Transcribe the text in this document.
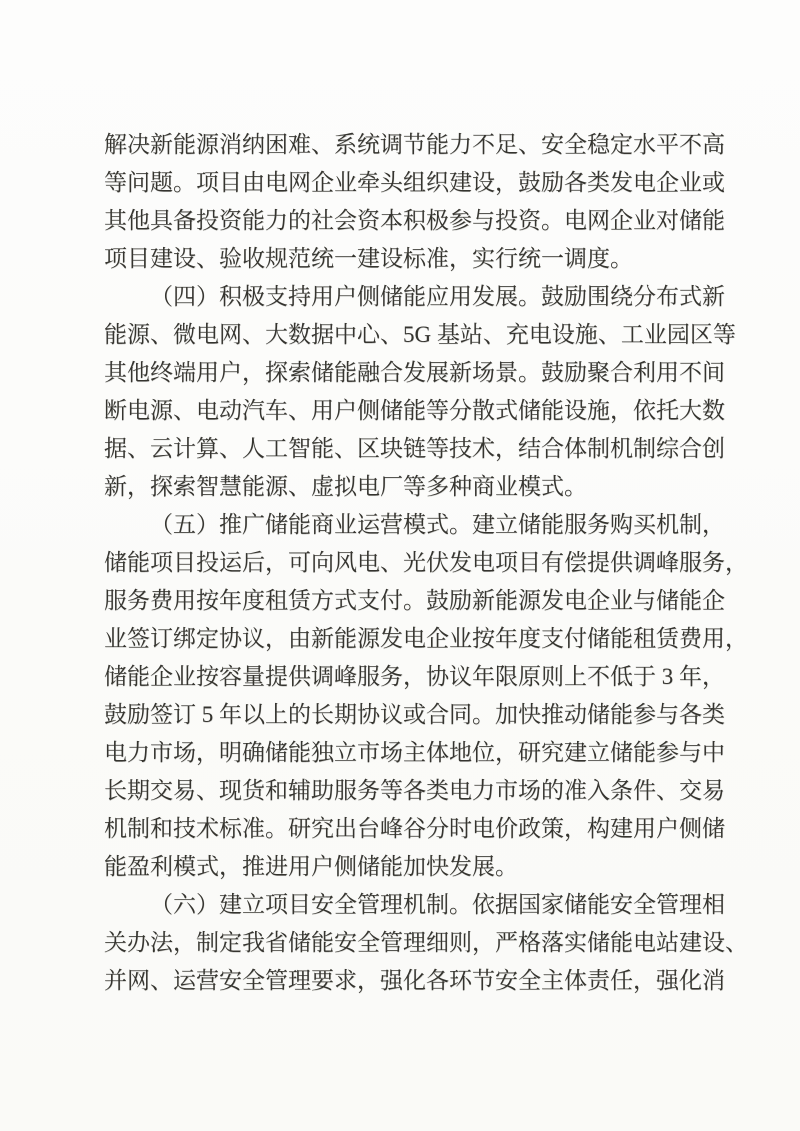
解决新能源消纳困难、系统调节能力不足、安全稳定水平不高
等问题。项目由电网企业牵头组织建设，鼓励各类发电企业或
其他具备投资能力的社会资本积极参与投资。电网企业对储能
项目建设、验收规范统一建设标准，实行统一调度。
（四）积极支持用户侧储能应用发展。鼓励围绕分布式新
能源、微电网、大数据中心、5G 基站、充电设施、工业园区等
其他终端用户，探索储能融合发展新场景。鼓励聚合利用不间
断电源、电动汽车、用户侧储能等分散式储能设施，依托大数
据、云计算、人工智能、区块链等技术，结合体制机制综合创
新，探索智慧能源、虚拟电厂等多种商业模式。
（五）推广储能商业运营模式。建立储能服务购买机制，
储能项目投运后，可向风电、光伏发电项目有偿提供调峰服务，
服务费用按年度租赁方式支付。鼓励新能源发电企业与储能企
业签订绑定协议，由新能源发电企业按年度支付储能租赁费用，
储能企业按容量提供调峰服务，协议年限原则上不低于 3 年，
鼓励签订 5 年以上的长期协议或合同。加快推动储能参与各类
电力市场，明确储能独立市场主体地位，研究建立储能参与中
长期交易、现货和辅助服务等各类电力市场的准入条件、交易
机制和技术标准。研究出台峰谷分时电价政策，构建用户侧储
能盈利模式，推进用户侧储能加快发展。
（六）建立项目安全管理机制。依据国家储能安全管理相
关办法，制定我省储能安全管理细则，严格落实储能电站建设、
并网、运营安全管理要求，强化各环节安全主体责任，强化消
